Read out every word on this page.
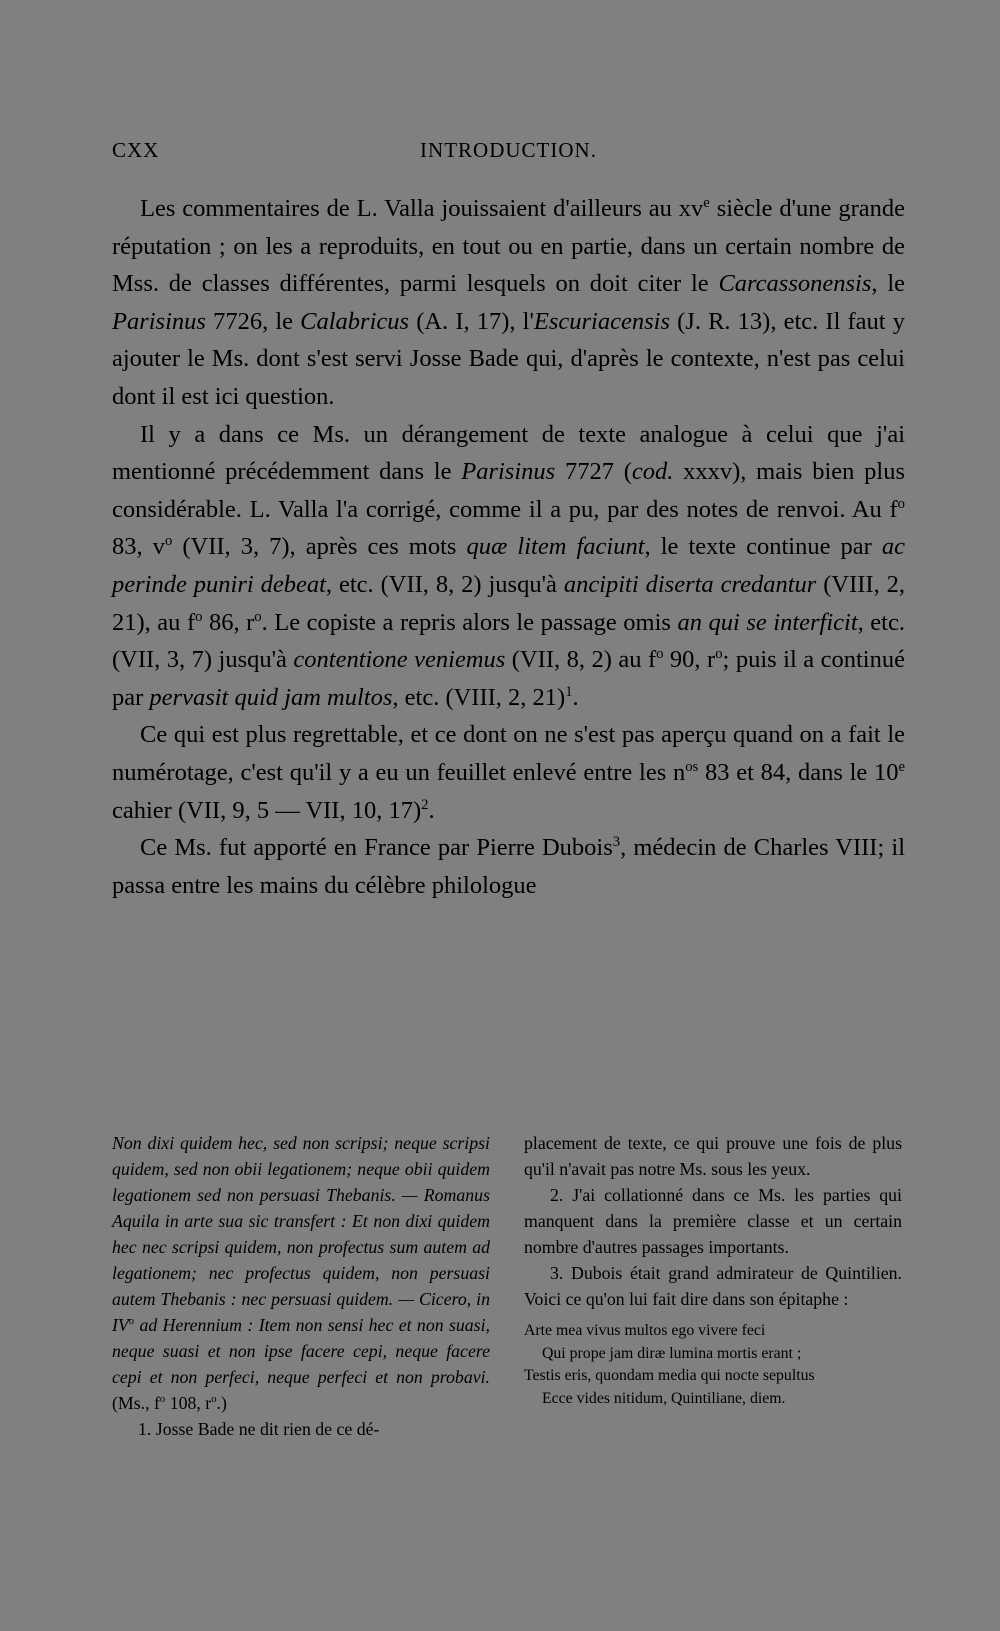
CXX	INTRODUCTION.

Les commentaires de L. Valla jouissaient d'ailleurs au $xv^e$ siècle d'une grande réputation ; on les a reproduits, en tout ou en partie, dans un certain nombre de Mss. de classes différentes, parmi lesquels on doit citer le Carcassonensis, le Parisinus 7726, le Calabricus (A. I, 17), l'Escuriacensis (J. R. 13), etc. Il faut y ajouter le Ms. dont s'est servi Josse Bade qui, d'après le contexte, n'est pas celui dont il est ici question.

Il y a dans ce Ms. un dérangement de texte analogue à celui que j'ai mentionné précédemment dans le Parisinus 7727 (cod. xxxv), mais bien plus considérable. L. Valla l'a corrigé, comme il a pu, par des notes de renvoi. Au $f^o$ 83, $v^o$ (VII, 3, 7), après ces mots quæ litem faciunt, le texte continue par ac perinde puniri debeat, etc. (VII, 8, 2) jusqu'à ancipiti diserta credantur (VIII, 2, 21), au $f^o$ 86, $r^o$. Le copiste a repris alors le passage omis an qui se interficit, etc. (VII, 3, 7) jusqu'à contentione veniemus (VII, 8, 2) au $f^o$ 90, $r^o$; puis il a continué par pervasit quid jam multos, etc. (VIII, 2, 21)$^1$.

Ce qui est plus regrettable, et ce dont on ne s'est pas aperçu quand on a fait le numérotage, c'est qu'il y a eu un feuillet enlevé entre les $n^{os}$ 83 et 84, dans le 10e cahier (VII, 9, 5 — VII, 10, 17)$^2$.

Ce Ms. fut apporté en France par Pierre Dubois$^3$, médecin de Charles VIII; il passa entre les mains du célèbre philologue

Non dixi quidem hec, sed non scripsi; neque scripsi quidem, sed non obii legationem; neque obii quidem legationem sed non persuasi Thebanis. — Romanus Aquila in arte sua sic transfert : Et non dixi quidem hec nec scripsi quidem, non profectus sum autem ad legationem; nec profectus quidem, non persuasi autem Thebanis : nec persuasi quidem. — Cicero, in $IV^o$ ad Herennium : Item non sensi hec et non suasi, neque suasi et non ipse facere cepi, neque facere cepi et non perfeci, neque perfeci et non probavi. (Ms., $f^o$ 108, $r^o$.)

1. Josse Bade ne dit rien de ce dé-

placement de texte, ce qui prouve une fois de plus qu'il n'avait pas notre Ms. sous les yeux.

2. J'ai collationné dans ce Ms. les parties qui manquent dans la première classe et un certain nombre d'autres passages importants.

3. Dubois était grand admirateur de Quintilien. Voici ce qu'on lui fait dire dans son épitaphe :

Arte mea vivus multos ego vivere feci
Qui prope jam diræ lumina mortis erant ;
Testis eris, quondam media qui nocte sepultus
Ecce vides nitidum, Quintiliane, diem.
